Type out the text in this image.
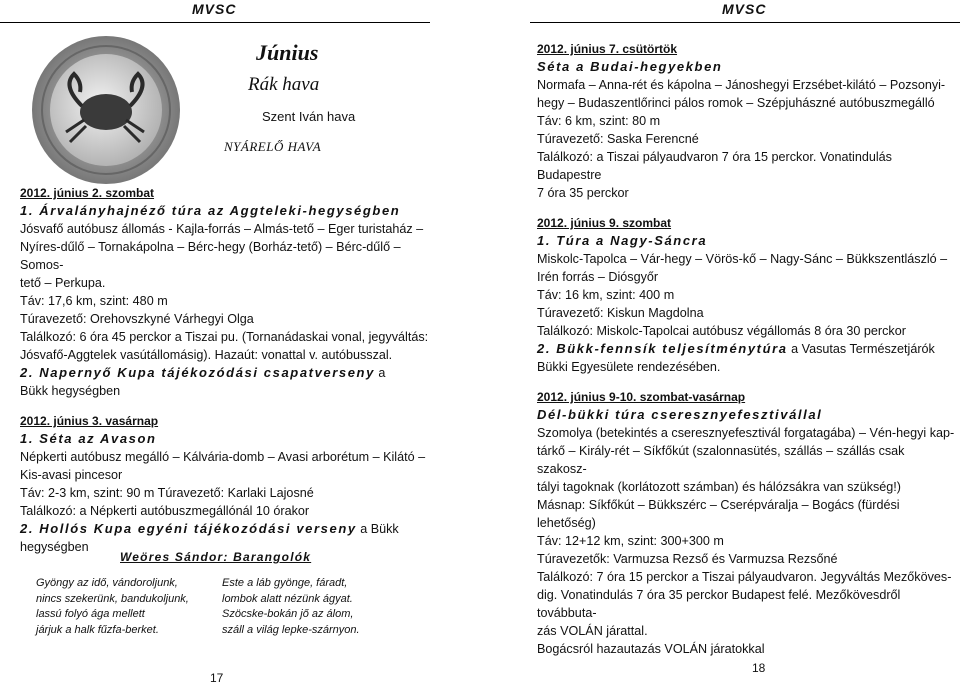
MVSC
Június
Rák hava
Szent Iván hava
NYÁRELŐ HAVA

2012. június 2. szombat

1. Árvalányhajnéző túra az Aggteleki-hegységben

Jósvafő autóbusz állomás - Kajla-forrás – Almás-tető – Eger turistaház –

Nyíres-dűlő – Tornakápolna – Bérc-hegy (Borház-tető) – Bérc-dűlő – Somos-

tető – Perkupa.

Táv: 17,6 km, szint: 480 m

Túravezető: Orehovszkyné Várhegyi Olga

Találkozó: 6 óra 45 perckor a Tiszai pu. (Tornanádaskai vonal, jegyváltás:

Jósvafő-Aggtelek vasútállomásig). Hazaút: vonattal v. autóbusszal.

2. Napernyő Kupa tájékozódási csapatverseny a

Bükk hegységben

2012. június 3. vasárnap

1. Séta az Avason

Népkerti autóbusz megálló – Kálvária-domb – Avasi arborétum – Kilátó –

Kis-avasi pincesor

Táv: 2-3 km, szint: 90 m Túravezető: Karlaki Lajosné

Találkozó: a Népkerti autóbuszmegállónál 10 órakor

2. Hollós Kupa egyéni tájékozódási verseny a Bükk

hegységben

Weöres Sándor: Barangolók
Gyöngy az idő, vándoroljunk,
nincs szekerünk, bandukoljunk,
lassú folyó ága mellett
járjuk a halk fűzfa-berket.
Este a láb gyönge, fáradt,
lombok alatt nézünk ágyat.
Szöcske-bokán jő az álom,
száll a világ lepke-szárnyon.
17
MVSC

2012. június 7. csütörtök

Séta a Budai-hegyekben

Normafa – Anna-rét és kápolna – Jánoshegyi Erzsébet-kilátó – Pozsonyi-

hegy – Budaszentlőrinci pálos romok – Szépjuhászné autóbuszmegálló

Táv: 6 km, szint: 80 m

Túravezető: Saska Ferencné

Találkozó: a Tiszai pályaudvaron 7 óra 15 perckor. Vonatindulás Budapestre

7 óra 35 perckor

2012. június 9. szombat

1. Túra a Nagy-Sáncra

Miskolc-Tapolca – Vár-hegy – Vörös-kő – Nagy-Sánc – Bükkszentlászló –

Irén forrás – Diósgyőr

Táv: 16 km, szint: 400 m

Túravezető: Kiskun Magdolna

Találkozó: Miskolc-Tapolcai autóbusz végállomás 8 óra 30 perckor

2. Bükk-fennsík teljesítménytúra a Vasutas Természetjárók

Bükki Egyesülete rendezésében.

2012. június 9-10. szombat-vasárnap

Dél-bükki túra cseresznyefesztivállal

Szomolya (betekintés a cseresznyefesztivál forgatagába) – Vén-hegyi kap-

tárkő – Király-rét – Síkfőkút (szalonnasütés, szállás – szállás csak szakosz-

tályi tagoknak (korlátozott számban) és hálózsákra van szükség!)

Másnap: Síkfőkút – Bükkszérc – Cserépváralja – Bogács (fürdési lehetőség)

Táv: 12+12 km, szint: 300+300 m

Túravezetők: Varmuzsa Rezső és Varmuzsa Rezsőné

Találkozó: 7 óra 15 perckor a Tiszai pályaudvaron. Jegyváltás Mezőköves-

dig. Vonatindulás 7 óra 35 perckor Budapest felé. Mezőkövesdről továbbuta-

zás VOLÁN járattal.

Bogácsról hazautazás VOLÁN járatokkal

18
